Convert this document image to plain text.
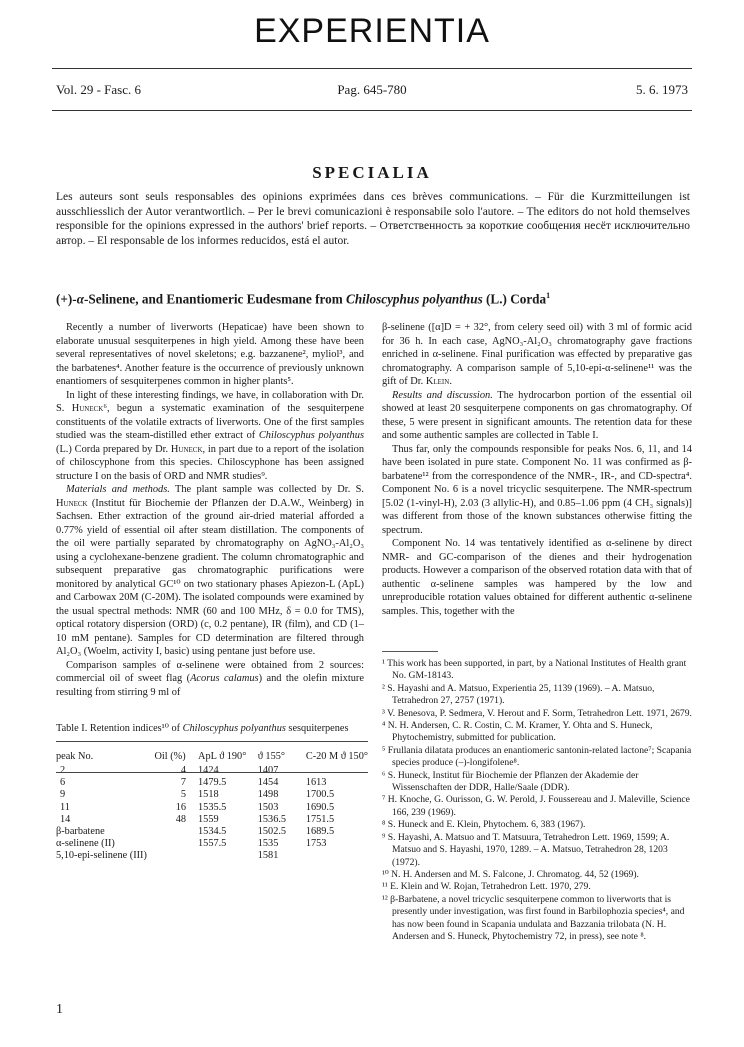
EXPERIENTIA
Vol. 29 - Fasc. 6	Pag. 645-780	5. 6. 1973
SPECIALIA
Les auteurs sont seuls responsables des opinions exprimées dans ces brèves communications. – Für die Kurzmitteilungen ist ausschliesslich der Autor verantwortlich. – Per le brevi comunicazioni è responsabile solo l'autore. – The editors do not hold themselves responsible for the opinions expressed in the authors' brief reports. – Ответственность за короткие сообщения несёт исключительно автор. – El responsable de los informes reducidos, está el autor.
(+)-α-Selinene, and Enantiomeric Eudesmane from Chiloscyphus polyanthus (L.) Corda$^1$

Recently a number of liverworts (Hepaticae) have been shown to elaborate unusual sesquiterpenes in high yield. Among these have been several representatives of novel skeletons; e.g. bazzanene², myliol³, and the barbatenes⁴. Another feature is the occurrence of previously unknown enantiomers of sesquiterpenes common in higher plants⁵.

In light of these interesting findings, we have, in collaboration with Dr. S. Huneck⁶, begun a systematic examination of the sesquiterpene constituents of the volatile extracts of liverworts. One of the first samples studied was the steam-distilled ether extract of Chiloscyphus polyanthus (L.) Corda prepared by Dr. Huneck, in part due to a report of the isolation of chiloscyphone from this species. Chiloscyphone has been assigned structure I on the basis of ORD and NMR studies⁹.

Materials and methods. The plant sample was collected by Dr. S. Huneck (Institut für Biochemie der Pflanzen der D.A.W., Weinberg) in Sachsen. Ether extraction of the ground air-dried material afforded a 0.77% yield of essential oil after steam distillation. The components of the oil were partially separated by chromatography on AgNO₃-Al₂O₃ using a cyclohexane-benzene gradient. The column chromatographic and subsequent preparative gas chromatographic purifications were monitored by analytical GC¹⁰ on two stationary phases Apiezon-L (ApL) and Carbowax 20M (C-20M). The isolated compounds were examined by the usual spectral methods: NMR (60 and 100 MHz, δ = 0.0 for TMS), optical rotatory dispersion (ORD) (c, 0.2 pentane), IR (film), and CD (1–10 mM pentane). Samples for CD determination are filtered through Al₂O₃ (Woelm, activity I, basic) using pentane just before use.

Comparison samples of α-selinene were obtained from 2 sources: commercial oil of sweet flag (Acorus calamus) and the olefin mixture resulting from stirring 9 ml of

β-selinene ([α]D = + 32°, from celery seed oil) with 3 ml of formic acid for 36 h. In each case, AgNO₃-Al₂O₃ chromatography gave fractions enriched in α-selinene. Final purification was effected by preparative gas chromatography. A comparison sample of 5,10-epi-α-selinene¹¹ was the gift of Dr. Klein.

Results and discussion. The hydrocarbon portion of the essential oil showed at least 20 sesquiterpene components on gas chromatography. Of these, 5 were present in significant amounts. The retention data for these and some authentic samples are collected in Table I.

Thus far, only the compounds responsible for peaks Nos. 6, 11, and 14 have been isolated in pure state. Component No. 11 was confirmed as β-barbatene¹² from the correspondence of the NMR-, IR-, and CD-spectra⁴. Component No. 6 is a novel tricyclic sesquiterpene. The NMR-spectrum [5.02 (1-vinyl-H), 2.03 (3 allylic-H), and 0.85–1.06 ppm (4 CH₃ signals)] was different from those of the known substances otherwise fitting the spectrum.

Component No. 14 was tentatively identified as α-selinene by direct NMR- and GC-comparison of the dienes and their hydrogenation products. However a comparison of the observed rotation data with that of authentic α-selinene samples was hampered by the low and unreproducible rotation values obtained for different authentic α-selinene samples. This, together with the

Table I. Retention indices¹⁰ of Chiloscyphus polyanthus sesquiterpenes
peak No.	Oil (%)	ApL ϑ 190°	ϑ 155°	C-20 M ϑ 150°
2	4	1424	1407	
6	7	1479.5	1454	1613
9	5	1518	1498	1700.5
11	16	1535.5	1503	1690.5
14	48	1559	1536.5	1751.5
β-barbatene		1534.5	1502.5	1689.5
α-selinene (II)		1557.5	1535	1753
5,10-epi-selinene (III)			1581	

¹ This work has been supported, in part, by a National Institutes of Health grant No. GM-18143.

² S. Hayashi and A. Matsuo, Experientia 25, 1139 (1969). – A. Matsuo, Tetrahedron 27, 2757 (1971).

³ V. Benesova, P. Sedmera, V. Herout and F. Sorm, Tetrahedron Lett. 1971, 2679.

⁴ N. H. Andersen, C. R. Costin, C. M. Kramer, Y. Ohta and S. Huneck, Phytochemistry, submitted for publication.

⁵ Frullania dilatata produces an enantiomeric santonin-related lactone⁷; Scapania species produce (–)-longifolene⁸.

⁶ S. Huneck, Institut für Biochemie der Pflanzen der Akademie der Wissenschaften der DDR, Halle/Saale (DDR).

⁷ H. Knoche, G. Ourisson, G. W. Perold, J. Foussereau and J. Maleville, Science 166, 239 (1969).

⁸ S. Huneck and E. Klein, Phytochem. 6, 383 (1967).

⁹ S. Hayashi, A. Matsuo and T. Matsuura, Tetrahedron Lett. 1969, 1599; A. Matsuo and S. Hayashi, 1970, 1289. – A. Matsuo, Tetrahedron 28, 1203 (1972).

¹⁰ N. H. Andersen and M. S. Falcone, J. Chromatog. 44, 52 (1969).

¹¹ E. Klein and W. Rojan, Tetrahedron Lett. 1970, 279.

¹² β-Barbatene, a novel tricyclic sesquiterpene common to liverworts that is presently under investigation, was first found in Barbilophozia species⁴, and has now been found in Scapania undulata and Bazzania trilobata (N. H. Andersen and S. Huneck, Phytochemistry 72, in press), see note ⁸.

1
